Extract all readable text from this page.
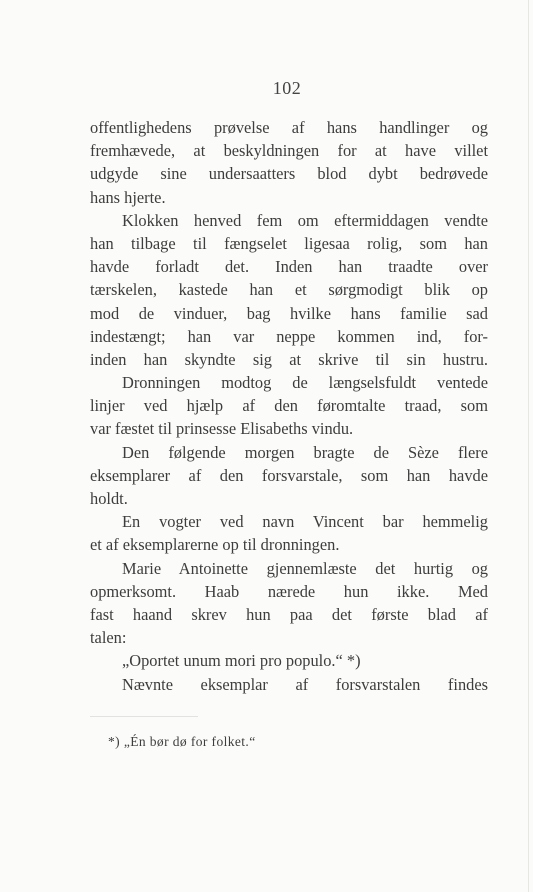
102
offentlighedens prøvelse af hans handlinger og
fremhævede, at beskyldningen for at have villet
udgyde sine undersaatters blod dybt bedrøvede
hans hjerte.
Klokken henved fem om eftermiddagen vendte
han tilbage til fængselet ligesaa rolig, som han
havde forladt det. Inden han traadte over
tærskelen, kastede han et sørgmodigt blik op
mod de vinduer, bag hvilke hans familie sad
indestængt; han var neppe kommen ind, for-
inden han skyndte sig at skrive til sin hustru.
Dronningen modtog de længselsfuldt ventede
linjer ved hjælp af den føromtalte traad, som
var fæstet til prinsesse Elisabeths vindu.
Den følgende morgen bragte de Sèze flere
eksemplarer af den forsvarstale, som han havde
holdt.
En vogter ved navn Vincent bar hemmelig
et af eksemplarerne op til dronningen.
Marie Antoinette gjennemlæste det hurtig og
opmerksomt. Haab nærede hun ikke. Med
fast haand skrev hun paa det første blad af
talen:
„Oportet unum mori pro populo.“ *)
Nævnte eksemplar af forsvarstalen findes
*) „Én bør dø for folket.“
